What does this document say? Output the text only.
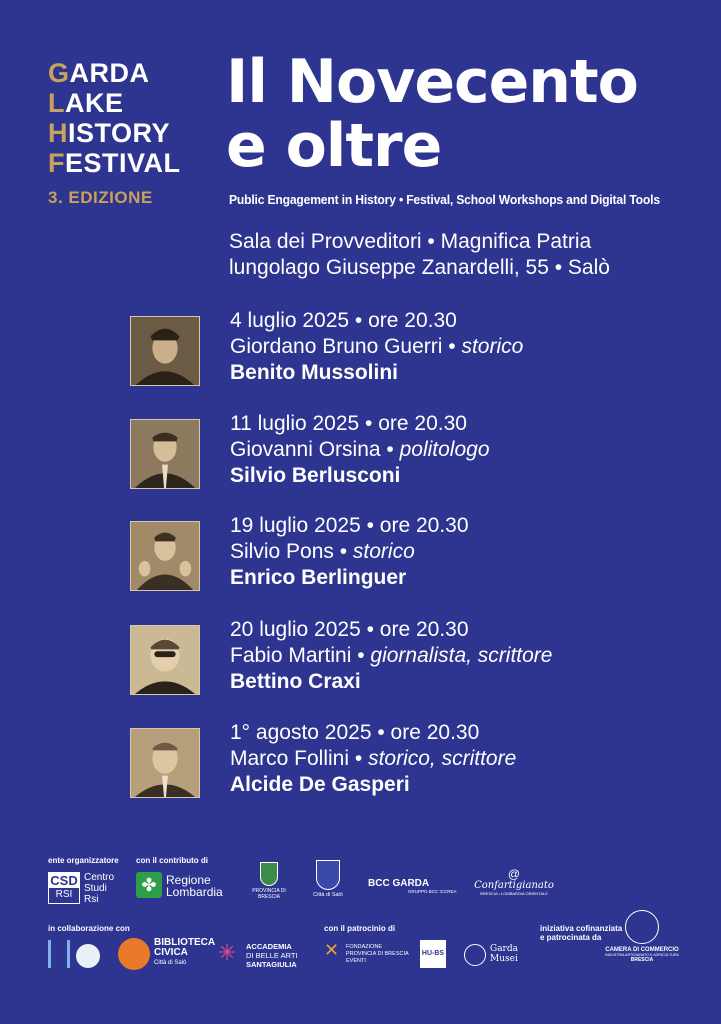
GARDA
LAKE
HISTORY
FESTIVAL
3. EDIZIONE
Il Novecento
e oltre
Public Engagement in History • Festival, School Workshops and Digital Tools
Sala dei Provveditori • Magnifica Patria
lungolago Giuseppe Zanardelli, 55 • Salò
4 luglio 2025 • ore 20.30
Giordano Bruno Guerri • storico
Benito Mussolini
11 luglio 2025 • ore 20.30
Giovanni Orsina • politologo
Silvio Berlusconi
19 luglio 2025 • ore 20.30
Silvio Pons • storico
Enrico Berlinguer
20 luglio 2025 • ore 20.30
Fabio Martini • giornalista, scrittore
Bettino Craxi
1° agosto 2025 • ore 20.30
Marco Follini • storico, scrittore
Alcide De Gasperi
ente organizzatore
CSD
RSI
Centro
Studi
Rsi
con il contributo di
✤ Regione
Lombardia	PROVINCIA DI BRESCIA	Città di Salò
BCC GARDA
GRUPPO BCC ICCREA
@
Confartigianato
BRESCIA • LOMBARDIA ORIENTALE
in collaborazione con
BIBLIOTECA
CIVICA
Città di Salò	✳ ACCADEMIA
DI BELLE ARTI
SANTAGIULIA
con il patrocinio di
✕ FONDAZIONE
PROVINCIA DI BRESCIA
EVENTI
HU-BS	Garda
Musei
iniziativa cofinanziata
e patrocinata da
CAMERA DI COMMERCIO
INDUSTRIA ARTIGIANATO E AGRICOLTURA
BRESCIA
